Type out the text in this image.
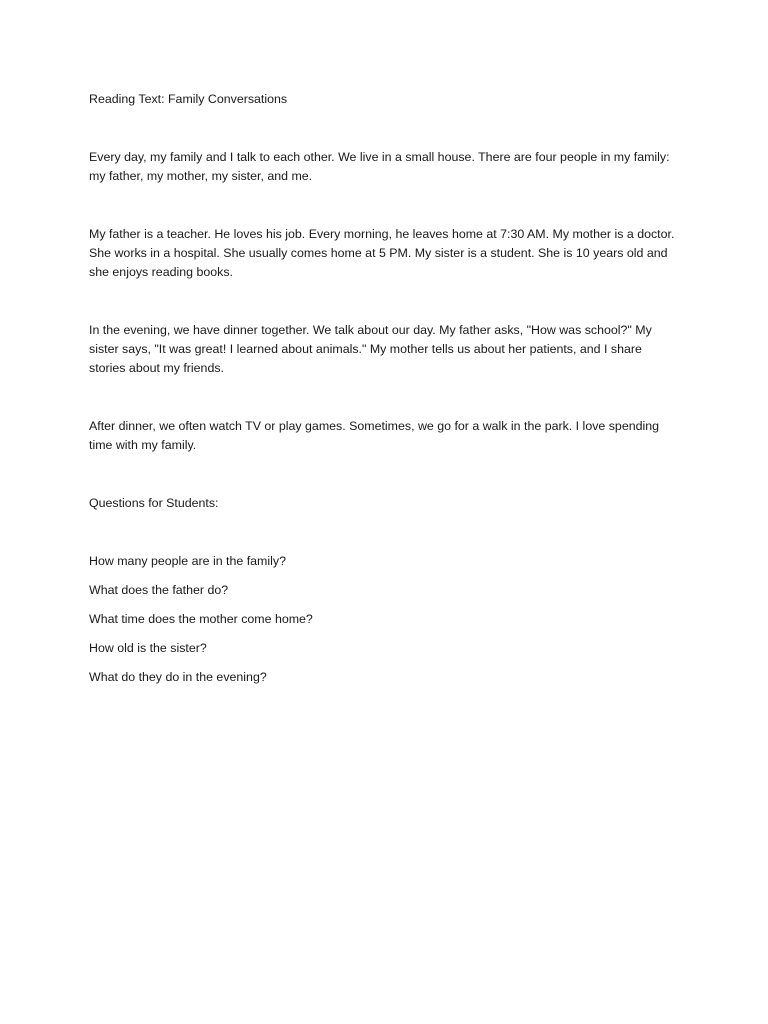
Reading Text: Family Conversations

Every day, my family and I talk to each other. We live in a small house. There are four people in my family: my father, my mother, my sister, and me.

My father is a teacher. He loves his job. Every morning, he leaves home at 7:30 AM. My mother is a doctor. She works in a hospital. She usually comes home at 5 PM. My sister is a student. She is 10 years old and she enjoys reading books.

In the evening, we have dinner together. We talk about our day. My father asks, "How was school?" My sister says, "It was great! I learned about animals." My mother tells us about her patients, and I share stories about my friends.

After dinner, we often watch TV or play games. Sometimes, we go for a walk in the park. I love spending time with my family.

Questions for Students:

How many people are in the family?

What does the father do?

What time does the mother come home?

How old is the sister?

What do they do in the evening?
